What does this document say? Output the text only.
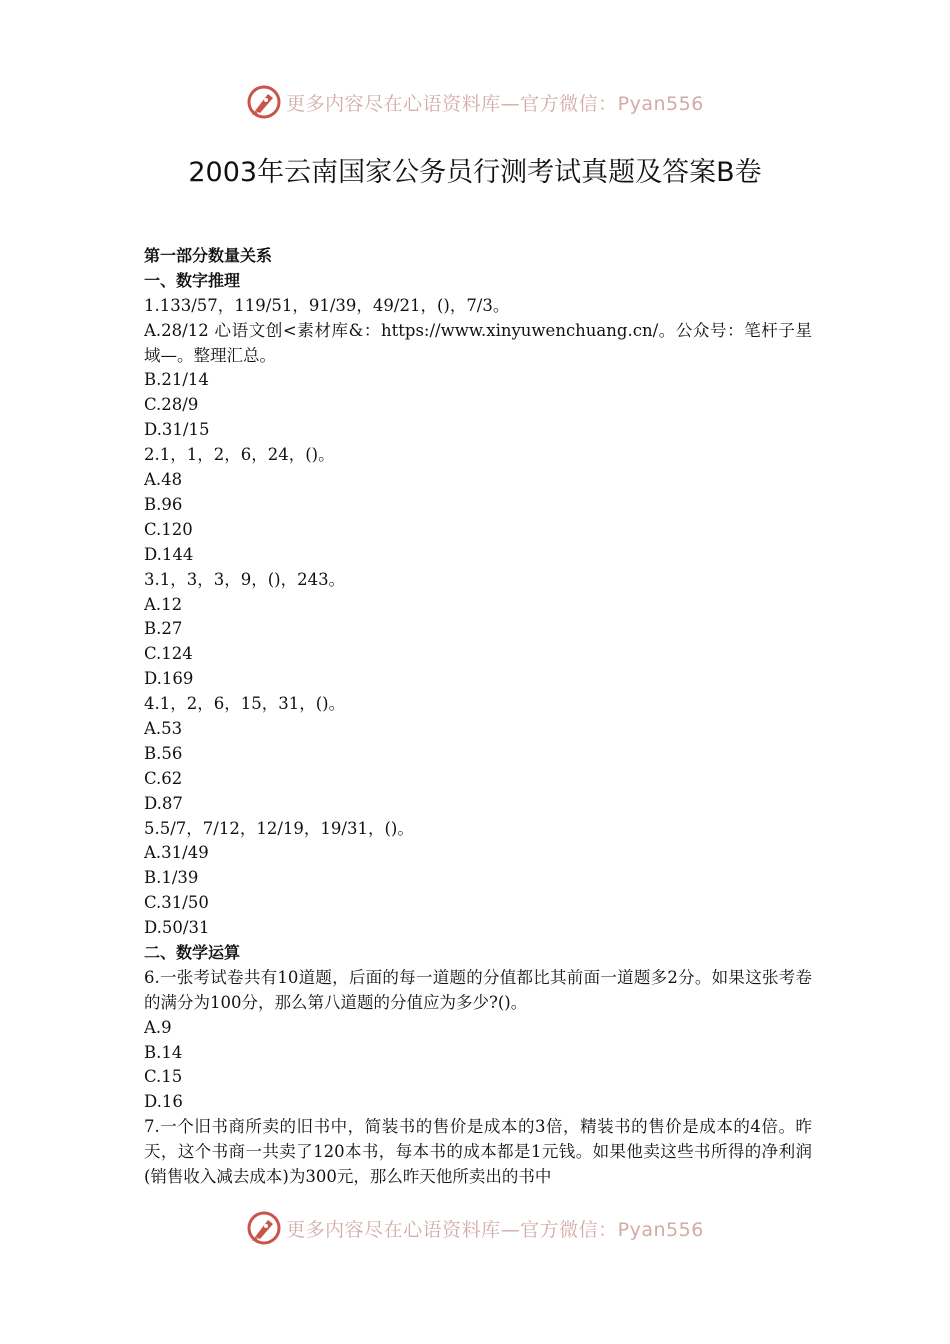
更多内容尽在心语资料库—官方微信：Pyan556
2003年云南国家公务员行测考试真题及答案B卷
第一部分数量关系
一、数字推理
1.133/57，119/51，91/39，49/21，()，7/3。
A.28/12 心语文创<素材库&：https://www.xinyuwenchuang.cn/。公众号：笔杆子星域—。整理汇总。
B.21/14
C.28/9
D.31/15
2.1，1，2，6，24，()。
A.48
B.96
C.120
D.144
3.1，3，3，9，()，243。
A.12
B.27
C.124
D.169
4.1，2，6，15，31，()。
A.53
B.56
C.62
D.87
5.5/7，7/12，12/19，19/31，()。
A.31/49
B.1/39
C.31/50
D.50/31
二、数学运算
6.一张考试卷共有10道题，后面的每一道题的分值都比其前面一道题多2分。如果这张考卷的满分为100分，那么第八道题的分值应为多少?()。
A.9
B.14
C.15
D.16
7.一个旧书商所卖的旧书中，简装书的售价是成本的3倍，精装书的售价是成本的4倍。昨天，这个书商一共卖了120本书，每本书的成本都是1元钱。如果他卖这些书所得的净利润(销售收入减去成本)为300元，那么昨天他所卖出的书中
更多内容尽在心语资料库—官方微信：Pyan556
